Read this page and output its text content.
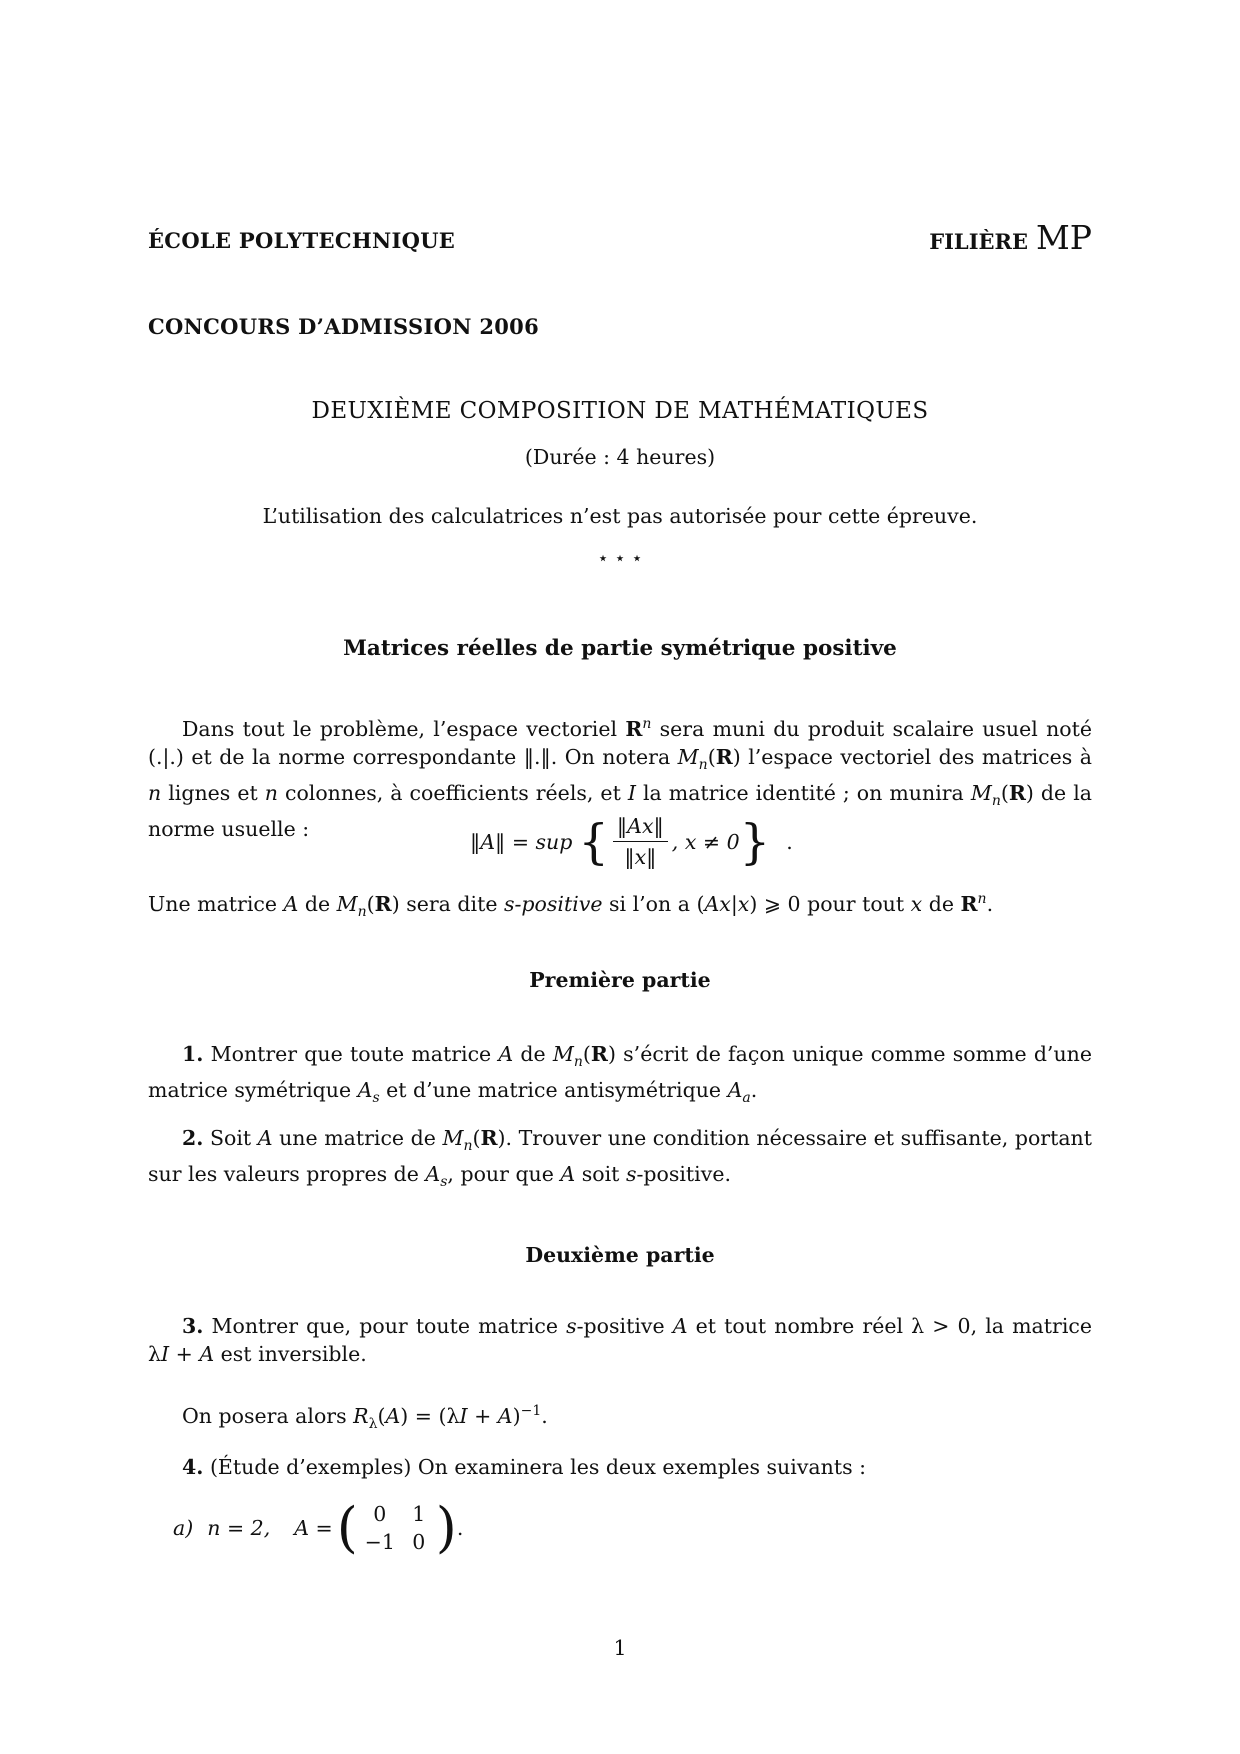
ÉCOLE POLYTECHNIQUE	FILIÈRE MP
CONCOURS D’ADMISSION 2006
DEUXIÈME COMPOSITION DE MATHÉMATIQUES
(Durée : 4 heures)
L’utilisation des calculatrices n’est pas autorisée pour cette épreuve.
⋆ ⋆ ⋆
Matrices réelles de partie symétrique positive
Dans tout le problème, l’espace vectoriel $R^n$ sera muni du produit scalaire usuel noté (.|.) et de la norme correspondante ‖.‖. On notera $M_n(R)$ l’espace vectoriel des matrices à n lignes et n colonnes, à coefficients réels, et I la matrice identité ; on munira $M_n(R)$ de la norme usuelle :
‖A‖ = sup { $\frac{‖Ax‖}{‖x‖}$ , x ≠ 0 } .
Une matrice A de $M_n(R)$ sera dite s-positive si l’on a (Ax|x) ⩾ 0 pour tout x de $R^n$.
Première partie
1. Montrer que toute matrice A de $M_n(R)$ s’écrit de façon unique comme somme d’une matrice symétrique $A_s$ et d’une matrice antisymétrique $A_a$.
2. Soit A une matrice de $M_n(R)$. Trouver une condition nécessaire et suffisante, portant sur les valeurs propres de $A_s$, pour que A soit s-positive.
Deuxième partie
3. Montrer que, pour toute matrice s-positive A et tout nombre réel λ > 0, la matrice λI + A est inversible.
On posera alors $R_\lambda(A) = (\lambda I + A)^{-1}$.
4. (Étude d’exemples) On examinera les deux exemples suivants :
a) n = 2, A = ( 0	1
−1 0 ) .
1
